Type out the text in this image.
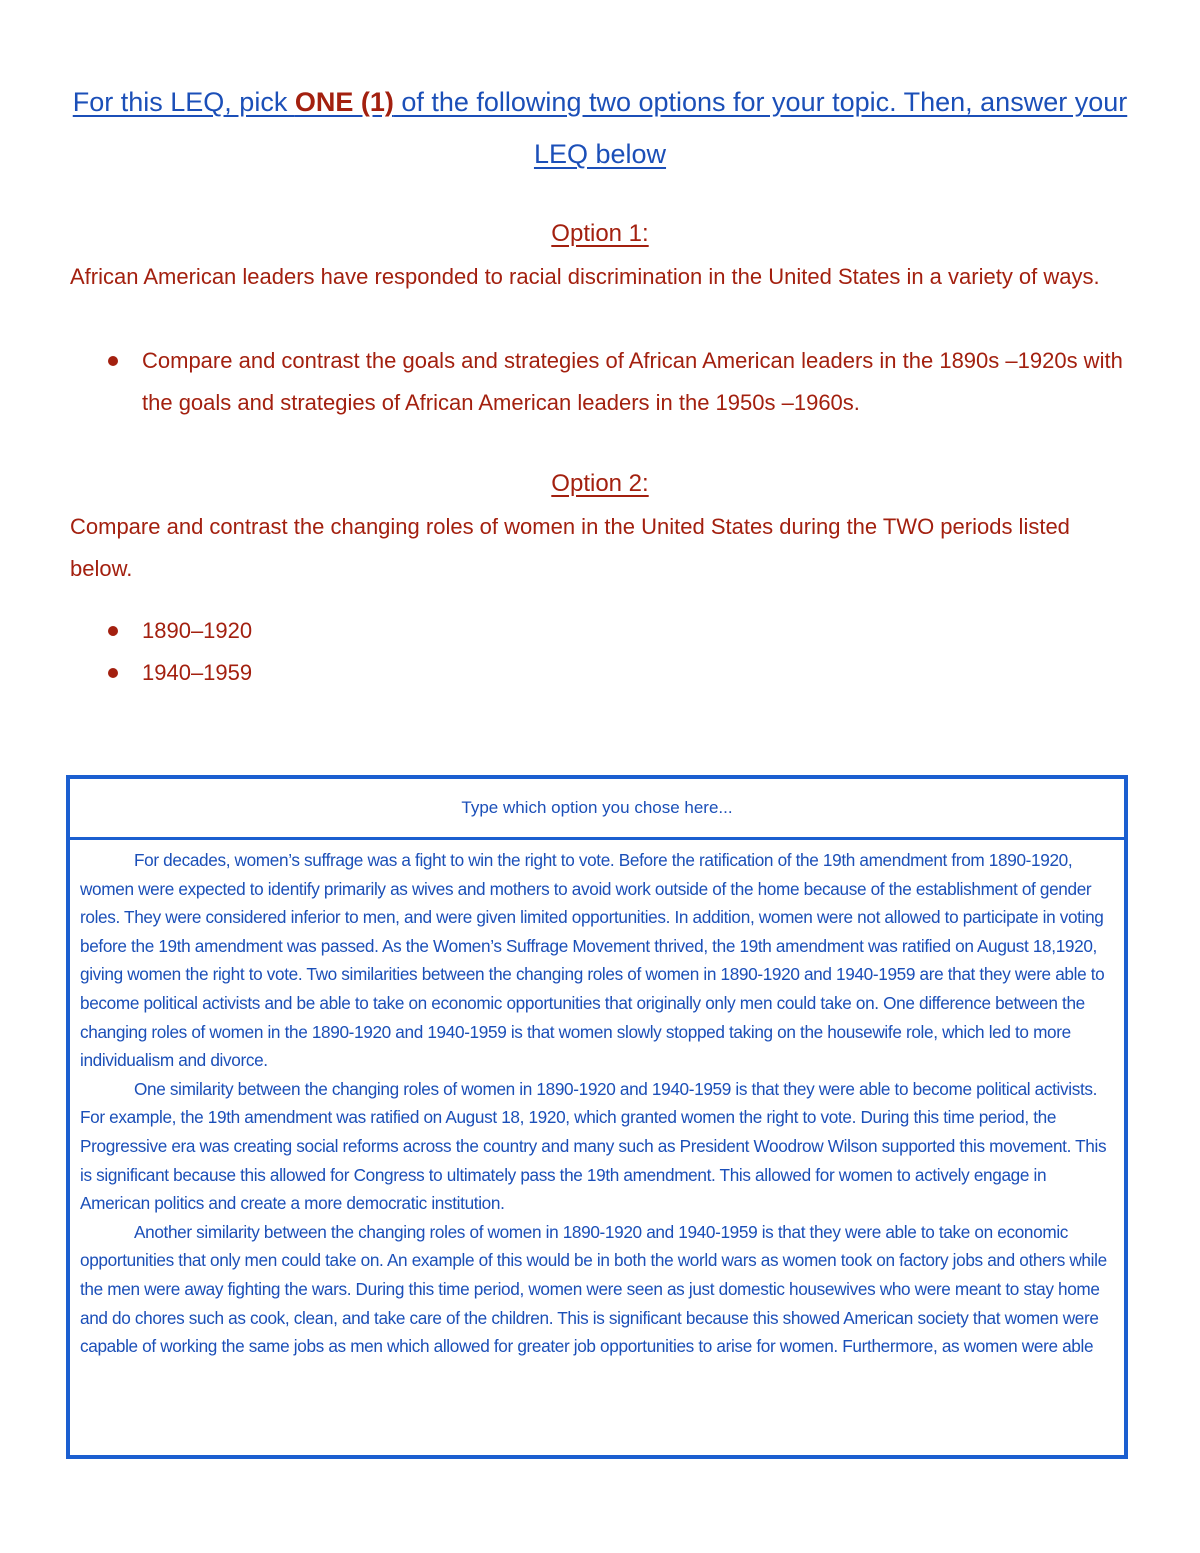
For this LEQ, pick ONE (1) of the following two options for your topic. Then, answer your LEQ below
Option 1:
African American leaders have responded to racial discrimination in the United States in a variety of ways.
Compare and contrast the goals and strategies of African American leaders in the 1890s –1920s with the goals and strategies of African American leaders in the 1950s –1960s.
Option 2:
Compare and contrast the changing roles of women in the United States during the TWO periods listed below.
1890–1920
1940–1959
Type which option you chose here...

For decades, women’s suffrage was a fight to win the right to vote. Before the ratification of the 19th amendment from 1890-1920, women were expected to identify primarily as wives and mothers to avoid work outside of the home because of the establishment of gender roles. They were considered inferior to men, and were given limited opportunities. In addition, women were not allowed to participate in voting before the 19th amendment was passed. As the Women’s Suffrage Movement thrived, the 19th amendment was ratified on August 18,1920, giving women the right to vote. Two similarities between the changing roles of women in 1890-1920 and 1940-1959 are that they were able to become political activists and be able to take on economic opportunities that originally only men could take on. One difference between the changing roles of women in the 1890-1920 and 1940-1959 is that women slowly stopped taking on the housewife role, which led to more individualism and divorce.

One similarity between the changing roles of women in 1890-1920 and 1940-1959 is that they were able to become political activists. For example, the 19th amendment was ratified on August 18, 1920, which granted women the right to vote. During this time period, the Progressive era was creating social reforms across the country and many such as President Woodrow Wilson supported this movement. This is significant because this allowed for Congress to ultimately pass the 19th amendment. This allowed for women to actively engage in American politics and create a more democratic institution.

Another similarity between the changing roles of women in 1890-1920 and 1940-1959 is that they were able to take on economic opportunities that only men could take on. An example of this would be in both the world wars as women took on factory jobs and others while the men were away fighting the wars. During this time period, women were seen as just domestic housewives who were meant to stay home and do chores such as cook, clean, and take care of the children. This is significant because this showed American society that women were capable of working the same jobs as men which allowed for greater job opportunities to arise for women. Furthermore, as women were able
